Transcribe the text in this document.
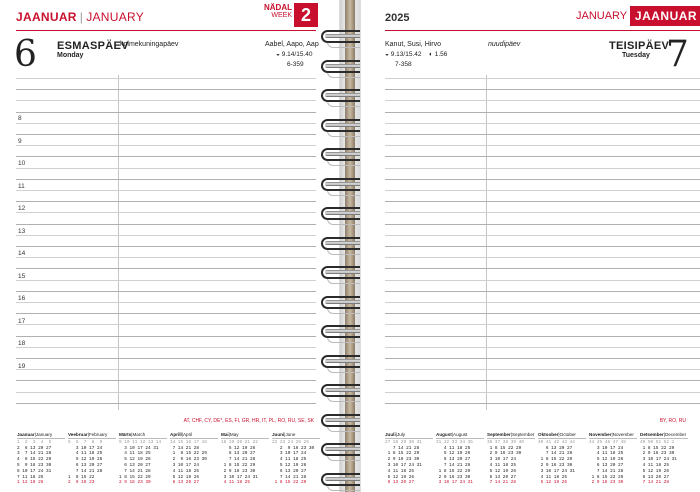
JAANUAR | JANUARY
NÄDAL
WEEK 2
6 ESMASPÄEV
Monday
kolmekuningapäev	Aabel, Aapo, Aap
◒ 9.14/15.40
6-359
8
9
10
11
12
13
14
15
16
17
18
19
AT, CHF, CY, DE*, ES, FI, GR, HR, IT, PL, RO, RU, SE, SK
Jaanuar|January
1  2  3  4  5
2  6 13 20 27
3  7 14 21 28
4  8 15 22 29
5  9 16 23 30
6 10 17 24 31
7 11 18 25
1 12 19 26
Veebruar|February
5  6  7  8  9
3 10 17 24
4 11 18 25
5 12 19 26
6 13 20 27
7 14 21 28
1  8 15 22
2  9 16 23
Märts|March
9 10 11 12 13 14
3 10 17 24 31
4 11 18 25
5 12 19 26
6 13 20 27
7 14 21 28
1 8 15 22 29
2 9 16 23 30
Aprill|April
14 15 16 17 18
7 14 21 28
1  8 15 22 29
2  9 16 23 30
3 10 17 24
4 11 18 25
5 12 19 26
6 13 20 27
Mai|May
18 19 20 21 22
5 12 19 26
6 13 20 27
7 14 21 28
1 8 15 22 29
2 9 16 23 30
3 10 17 24 31
4 11 18 25
Juuni|June
22 23 24 25 26
2  9 16 23 30
3 10 17 24
4 11 18 25
5 12 19 26
6 13 20 27
7 14 21 28
1 8 15 22 29
2025	JANUARY JAANUAR
Kanut, Susi, Hirvo
◒ 9.13/15.42 ◐ 1.56
7-358
nuudipäev	TEISIPÄEV
Tuesday 7
BY, RO, RU
Juuli|July
27 28 29 30 31
7 14 21 28
1 8 15 22 29
2 9 16 23 30
3 10 17 24 31
4 11 18 25
5 12 19 26
6 13 20 27
August|August
31 32 33 34 35
4 11 18 25
5 12 19 26
6 13 20 27
7 14 21 28
1 8 15 22 29
2 9 16 23 30
3 10 17 24 31
September|September
36 37 38 39 40
1 8 15 22 29
2 9 16 23 30
3 10 17 24
4 11 18 25
5 12 19 26
6 13 20 27
7 14 21 28
Oktoober|October
40 41 42 43 44
6 13 20 27
7 14 21 28
1 8 15 22 29
2 9 16 23 30
3 10 17 24 31
4 11 18 25
5 12 19 26
November|November
44 45 46 47 48
3 10 17 24
4 11 18 25
5 12 19 26
6 13 20 27
7 14 21 28
1 8 15 22 29
2 9 16 23 30
Detsember|December
49 50 51 52 1
1 8 15 22 29
2 9 16 23 30
3 10 17 24 31
4 11 18 25
5 12 19 26
6 13 20 27
7 14 21 28
